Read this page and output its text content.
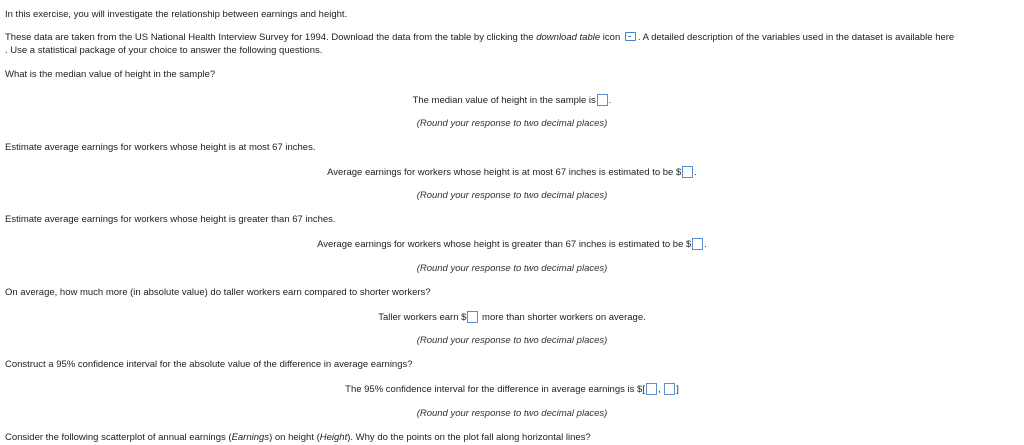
In this exercise, you will investigate the relationship between earnings and height.
These data are taken from the US National Health Interview Survey for 1994. Download the data from the table by clicking the download table icon . A detailed description of the variables used in the dataset is available here
. Use a statistical package of your choice to answer the following questions.
What is the median value of height in the sample?
The median value of height in the sample is .
(Round your response to two decimal places)
Estimate average earnings for workers whose height is at most 67 inches.
Average earnings for workers whose height is at most 67 inches is estimated to be $ .
(Round your response to two decimal places)
Estimate average earnings for workers whose height is greater than 67 inches.
Average earnings for workers whose height is greater than 67 inches is estimated to be $ .
(Round your response to two decimal places)
On average, how much more (in absolute value) do taller workers earn compared to shorter workers?
Taller workers earn $ more than shorter workers on average.
(Round your response to two decimal places)
Construct a 95% confidence interval for the absolute value of the difference in average earnings?
The 95% confidence interval for the difference in average earnings is $[ , ]
(Round your response to two decimal places)
Consider the following scatterplot of annual earnings (Earnings) on height (Height). Why do the points on the plot fall along horizontal lines?
